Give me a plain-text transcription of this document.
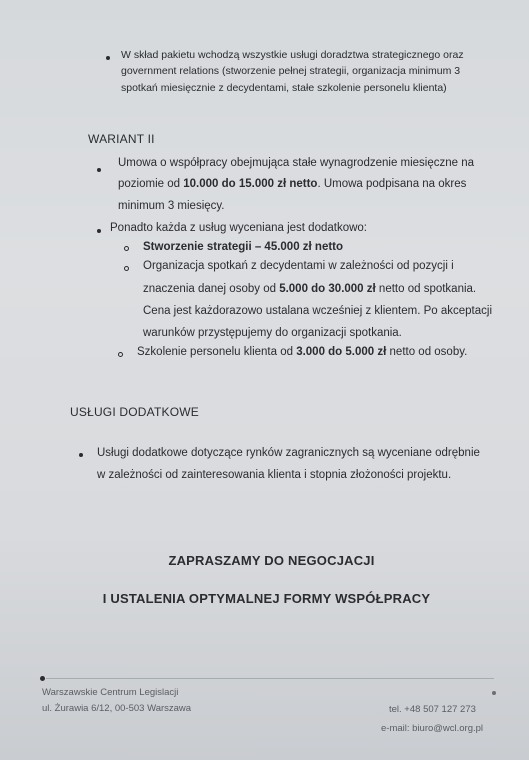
W skład pakietu wchodzą wszystkie usługi doradztwa strategicznego oraz
government relations (stworzenie pełnej strategii, organizacja minimum 3
spotkań miesięcznie z decydentami, stałe szkolenie personelu klienta)
WARIANT II
Umowa o współpracy obejmująca stałe wynagrodzenie miesięczne na
poziomie od 10.000 do 15.000 zł netto. Umowa podpisana na okres
minimum 3 miesięcy.
Ponadto każda z usług wyceniana jest dodatkowo:
Stworzenie strategii – 45.000 zł netto
Organizacja spotkań z decydentami w zależności od pozycji i
znaczenia danej osoby od 5.000 do 30.000 zł netto od spotkania.
Cena jest każdorazowo ustalana wcześniej z klientem. Po akceptacji
warunków przystępujemy do organizacji spotkania.
Szkolenie personelu klienta od 3.000 do 5.000 zł netto od osoby.
USŁUGI DODATKOWE
Usługi dodatkowe dotyczące rynków zagranicznych są wyceniane odrębnie
w zależności od zainteresowania klienta i stopnia złożoności projektu.
ZAPRASZAMY DO NEGOCJACJI
I USTALENIA OPTYMALNEJ FORMY WSPÓŁPRACY
Warszawskie Centrum Legislacji
ul. Żurawia 6/12, 00-503 Warszawa	tel. +48 507 127 273
e-mail: biuro@wcl.org.pl
